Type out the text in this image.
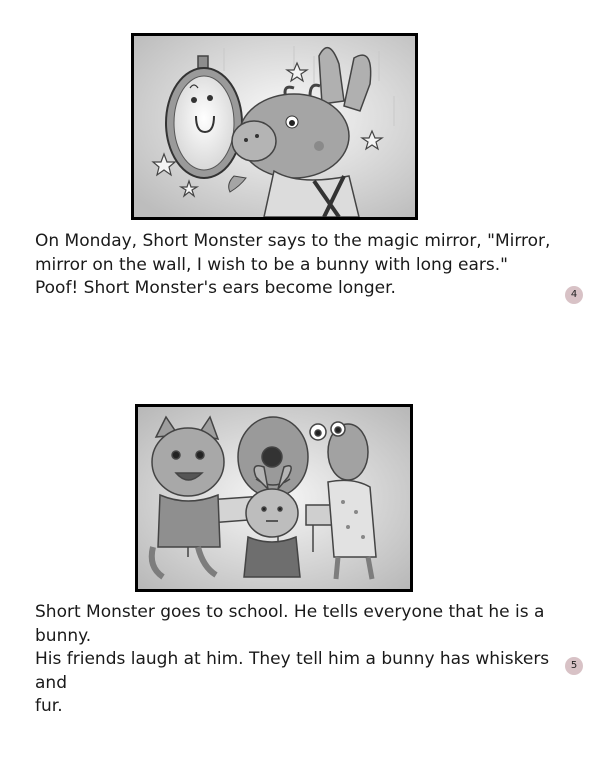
On Monday, Short Monster says to the magic mirror, "Mirror,
mirror on the wall, I wish to be a bunny with long ears."
Poof! Short Monster's ears become longer.	4

Short Monster goes to school. He tells everyone that he is a
bunny.
His friends laugh at him. They tell him a bunny has whiskers and
fur.

5
